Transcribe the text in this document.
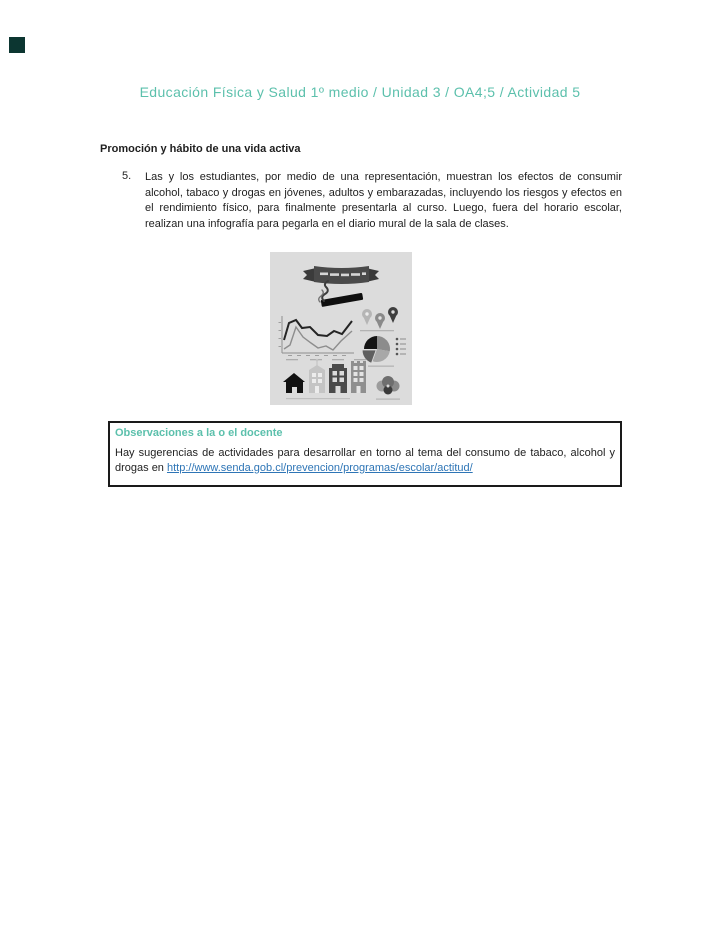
Educación Física y Salud 1º medio / Unidad 3 / OA4;5 / Actividad 5
Promoción y hábito de una vida activa
5. Las y los estudiantes, por medio de una representación, muestran los efectos de consumir alcohol, tabaco y drogas en jóvenes, adultos y embarazadas, incluyendo los riesgos y efectos en el rendimiento físico, para finalmente presentarla al curso. Luego, fuera del horario escolar, realizan una infografía para pegarla en el diario mural de la sala de clases.

Observaciones a la o el docente

Hay sugerencias de actividades para desarrollar en torno al tema del consumo de tabaco, alcohol y drogas en http://www.senda.gob.cl/prevencion/programas/escolar/actitud/
